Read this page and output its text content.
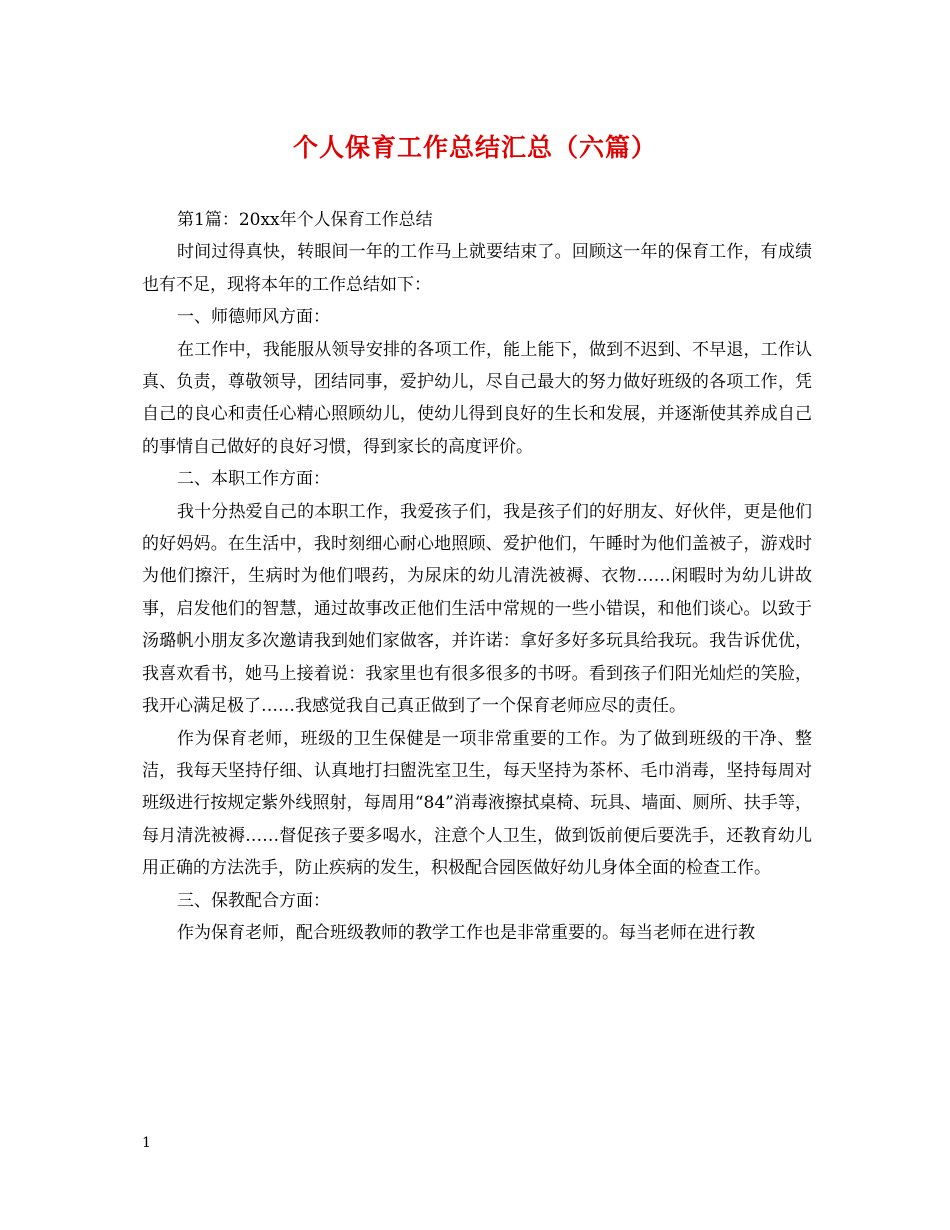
个人保育工作总结汇总（六篇）

第1篇：20xx年个人保育工作总结

时间过得真快，转眼间一年的工作马上就要结束了。回顾这一年的保育工作，有成绩也有不足，现将本年的工作总结如下：

一、师德师风方面：

在工作中，我能服从领导安排的各项工作，能上能下，做到不迟到、不早退，工作认真、负责，尊敬领导，团结同事，爱护幼儿，尽自己最大的努力做好班级的各项工作，凭自己的良心和责任心精心照顾幼儿，使幼儿得到良好的生长和发展，并逐渐使其养成自己的事情自己做好的良好习惯，得到家长的高度评价。

二、本职工作方面：

我十分热爱自己的本职工作，我爱孩子们，我是孩子们的好朋友、好伙伴，更是他们的好妈妈。在生活中，我时刻细心耐心地照顾、爱护他们，午睡时为他们盖被子，游戏时为他们擦汗，生病时为他们喂药，为尿床的幼儿清洗被褥、衣物……闲暇时为幼儿讲故事，启发他们的智慧，通过故事改正他们生活中常规的一些小错误，和他们谈心。以致于汤璐帆小朋友多次邀请我到她们家做客，并许诺：拿好多好多玩具给我玩。我告诉优优，我喜欢看书，她马上接着说：我家里也有很多很多的书呀。看到孩子们阳光灿烂的笑脸，我开心满足极了……我感觉我自己真正做到了一个保育老师应尽的责任。

作为保育老师，班级的卫生保健是一项非常重要的工作。为了做到班级的干净、整洁，我每天坚持仔细、认真地打扫盥洗室卫生，每天坚持为茶杯、毛巾消毒，坚持每周对班级进行按规定紫外线照射，每周用“84”消毒液擦拭桌椅、玩具、墙面、厕所、扶手等，每月清洗被褥……督促孩子要多喝水，注意个人卫生，做到饭前便后要洗手，还教育幼儿用正确的方法洗手，防止疾病的发生，积极配合园医做好幼儿身体全面的检查工作。

三、保教配合方面：

作为保育老师，配合班级教师的教学工作也是非常重要的。每当老师在进行教

1
